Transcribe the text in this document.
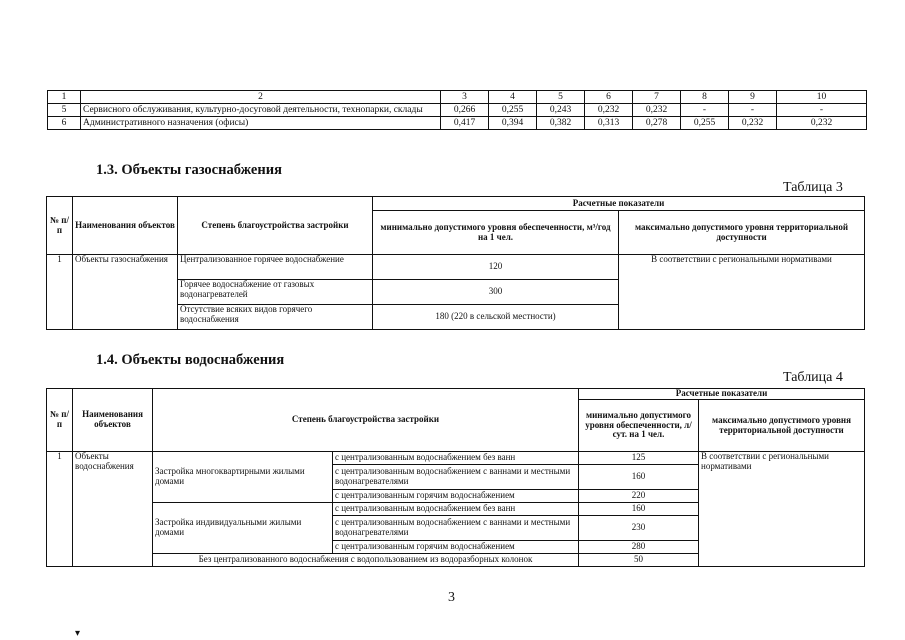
1	2	3	4	5	6	7	8	9	10
5	Сервисного обслуживания, культурно-досуговой деятельности, технопарки, склады	0,266	0,255	0,243	0,232	0,232	-	-	-
6	Административного назначения (офисы)	0,417	0,394	0,382	0,313	0,278	0,255	0,232	0,232
1.3. Объекты газоснабжения
Таблица 3
№ п/п	Наименования объектов	Степень благоустройства застройки	Расчетные показатели	
			минимально допустимого уровня обеспеченности, м³/год на 1 чел.	максимально допустимого уровня территориальной доступности
1	Объекты газоснабжения	Централизованное горячее водоснабжение	120	В соответствии с региональными нормативами
		Горячее водоснабжение от газовых водонагревателей	300	
		Отсутствие всяких видов горячего водоснабжения	180 (220 в сельской местности)	
1.4. Объекты водоснабжения
Таблица 4
№ п/п	Наименования объектов	Степень благоустройства застройки		Расчетные показатели	
				минимально допустимого уровня обеспеченности, л/сут. на 1 чел.	максимально допустимого уровня территориальной доступности
1	Объекты водоснабжения	Застройка многоквартирными жилыми домами	с централизованным водоснабжением без ванн	125	В соответствии с региональными нормативами
			с централизованным водоснабжением с ваннами и местными водонагревателями	160	
			с централизованным горячим водоснабжением	220	
		Застройка индивидуальными жилыми домами	с централизованным водоснабжением без ванн	160	
			с централизованным водоснабжением с ваннами и местными водонагревателями	230	
			с централизованным горячим водоснабжением	280	
		Без централизованного водоснабжения с водопользованием из водоразборных колонок		50	
3
▾
